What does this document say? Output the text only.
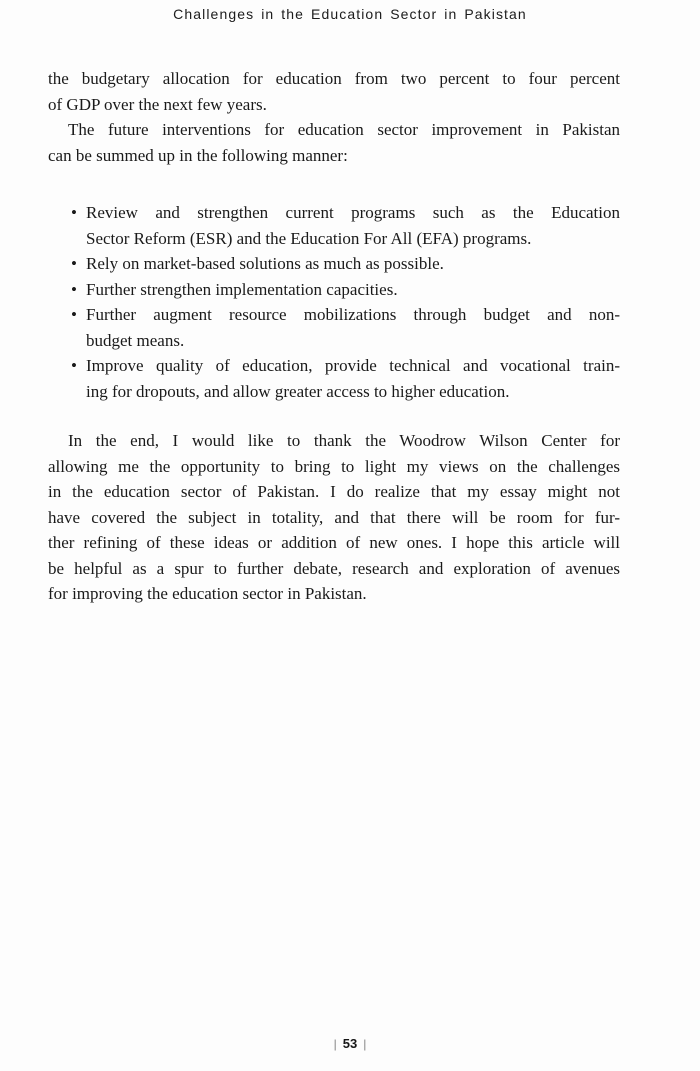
Challenges in the Education Sector in Pakistan
the budgetary allocation for education from two percent to four percent
of GDP over the next few years.
The future interventions for education sector improvement in Pakistan
can be summed up in the following manner:
• Review and strengthen current programs such as the Education
Sector Reform (ESR) and the Education For All (EFA) programs.
• Rely on market-based solutions as much as possible.
• Further strengthen implementation capacities.
• Further augment resource mobilizations through budget and non-
budget means.
• Improve quality of education, provide technical and vocational train-
ing for dropouts, and allow greater access to higher education.
In the end, I would like to thank the Woodrow Wilson Center for
allowing me the opportunity to bring to light my views on the challenges
in the education sector of Pakistan. I do realize that my essay might not
have covered the subject in totality, and that there will be room for fur-
ther refining of these ideas or addition of new ones. I hope this article will
be helpful as a spur to further debate, research and exploration of avenues
for improving the education sector in Pakistan.
| 53 |
